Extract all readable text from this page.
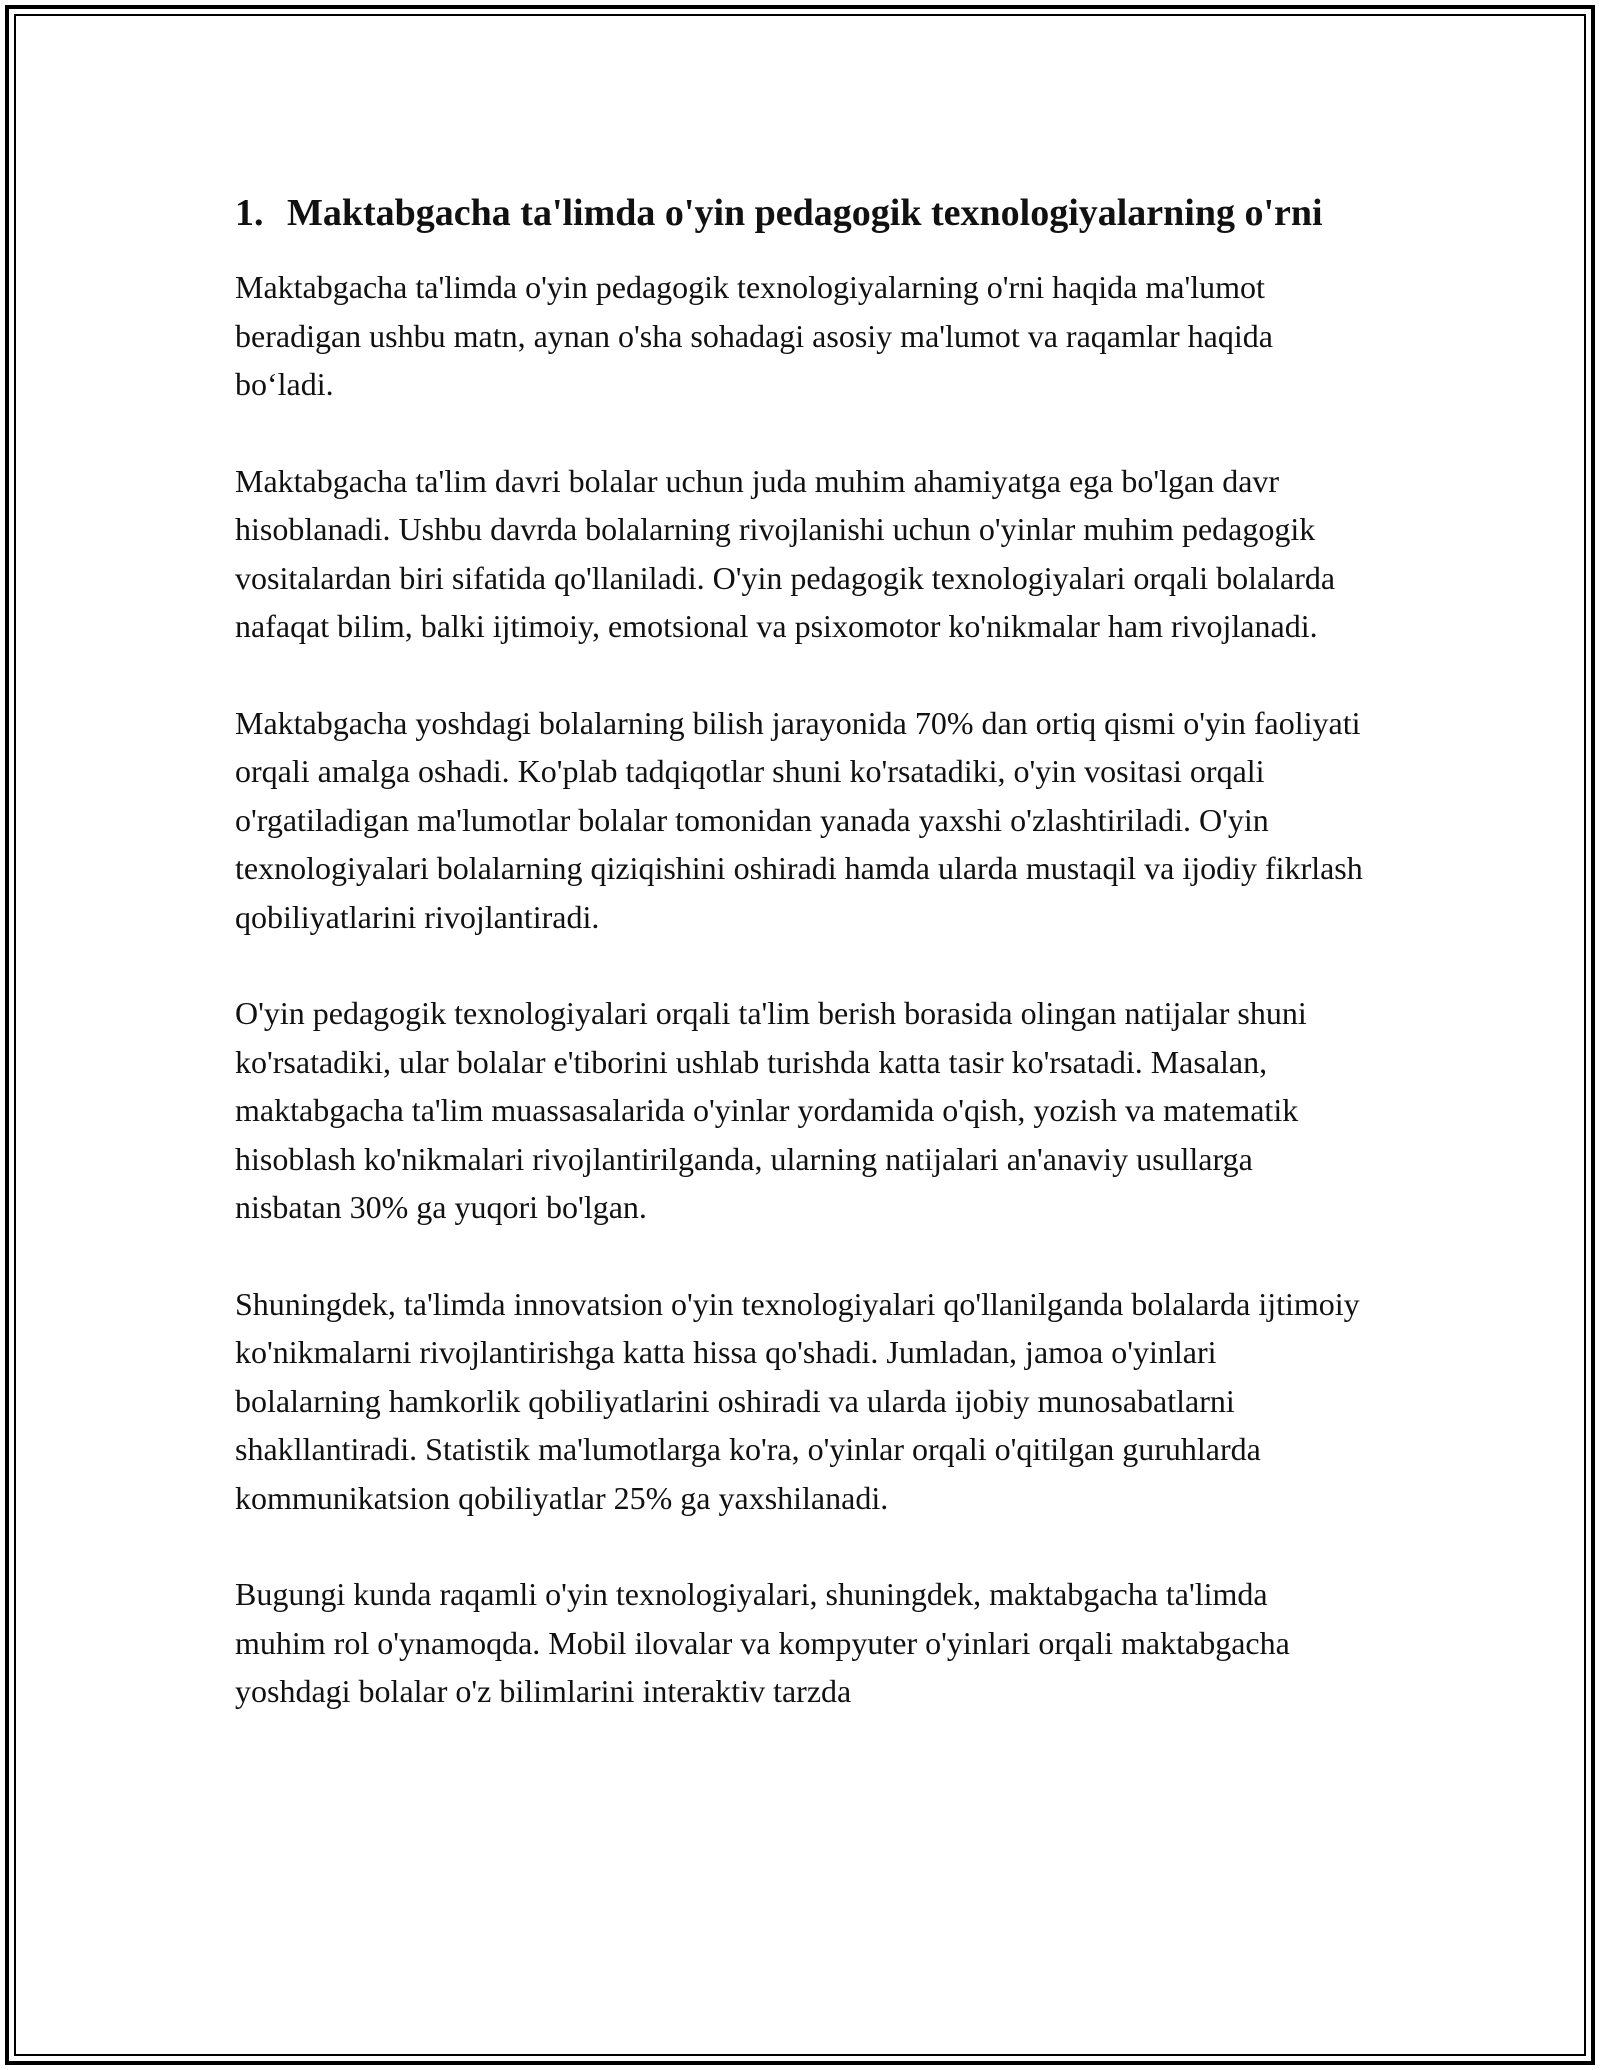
1. Maktabgacha ta'limda o'yin pedagogik texnologiyalarning o'rni

Maktabgacha ta'limda o'yin pedagogik texnologiyalarning o'rni haqida ma'lumot beradigan ushbu matn, aynan o'sha sohadagi asosiy ma'lumot va raqamlar haqida bo‘ladi.

Maktabgacha ta'lim davri bolalar uchun juda muhim ahamiyatga ega bo'lgan davr hisoblanadi. Ushbu davrda bolalarning rivojlanishi uchun o'yinlar muhim pedagogik vositalardan biri sifatida qo'llaniladi. O'yin pedagogik texnologiyalari orqali bolalarda nafaqat bilim, balki ijtimoiy, emotsional va psixomotor ko'nikmalar ham rivojlanadi.

Maktabgacha yoshdagi bolalarning bilish jarayonida 70% dan ortiq qismi o'yin faoliyati orqali amalga oshadi. Ko'plab tadqiqotlar shuni ko'rsatadiki, o'yin vositasi orqali o'rgatiladigan ma'lumotlar bolalar tomonidan yanada yaxshi o'zlashtiriladi. O'yin texnologiyalari bolalarning qiziqishini oshiradi hamda ularda mustaqil va ijodiy fikrlash qobiliyatlarini rivojlantiradi.

O'yin pedagogik texnologiyalari orqali ta'lim berish borasida olingan natijalar shuni ko'rsatadiki, ular bolalar e'tiborini ushlab turishda katta tasir ko'rsatadi. Masalan, maktabgacha ta'lim muassasalarida o'yinlar yordamida o'qish, yozish va matematik hisoblash ko'nikmalari rivojlantirilganda, ularning natijalari an'anaviy usullarga nisbatan 30% ga yuqori bo'lgan.

Shuningdek, ta'limda innovatsion o'yin texnologiyalari qo'llanilganda bolalarda ijtimoiy ko'nikmalarni rivojlantirishga katta hissa qo'shadi. Jumladan, jamoa o'yinlari bolalarning hamkorlik qobiliyatlarini oshiradi va ularda ijobiy munosabatlarni shakllantiradi. Statistik ma'lumotlarga ko'ra, o'yinlar orqali o'qitilgan guruhlarda kommunikatsion qobiliyatlar 25% ga yaxshilanadi.

Bugungi kunda raqamli o'yin texnologiyalari, shuningdek, maktabgacha ta'limda muhim rol o'ynamoqda. Mobil ilovalar va kompyuter o'yinlari orqali maktabgacha yoshdagi bolalar o'z bilimlarini interaktiv tarzda
